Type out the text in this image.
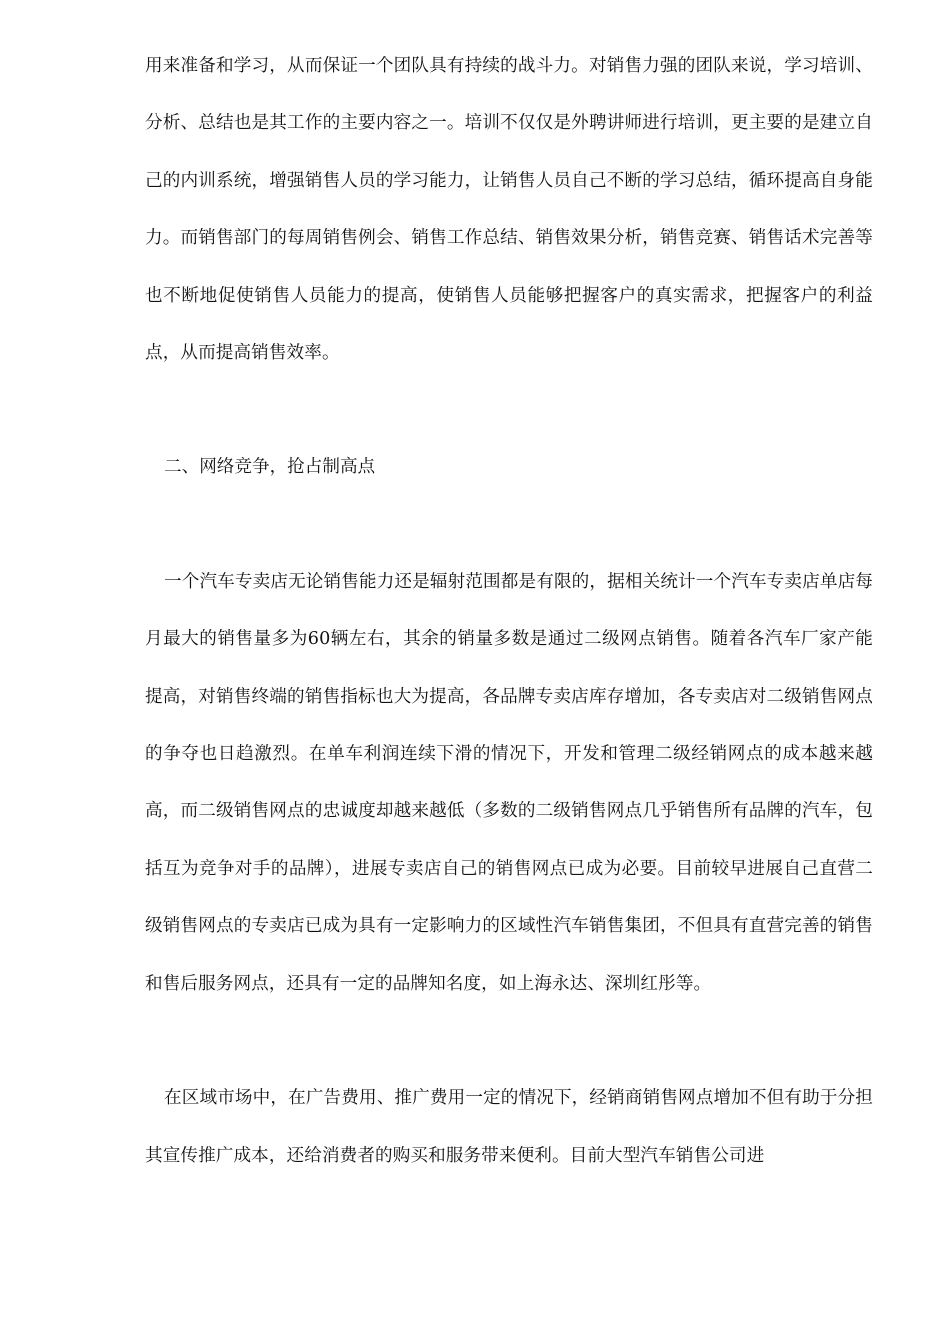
用来准备和学习，从而保证一个团队具有持续的战斗力。对销售力强的团队来说，学习培训、分析、总结也是其工作的主要内容之一。培训不仅仅是外聘讲师进行培训，更主要的是建立自己的内训系统，增强销售人员的学习能力，让销售人员自己不断的学习总结，循环提高自身能力。而销售部门的每周销售例会、销售工作总结、销售效果分析，销售竞赛、销售话术完善等也不断地促使销售人员能力的提高，使销售人员能够把握客户的真实需求，把握客户的利益点，从而提高销售效率。

二、网络竞争，抢占制高点

一个汽车专卖店无论销售能力还是辐射范围都是有限的，据相关统计一个汽车专卖店单店每月最大的销售量多为60辆左右，其余的销量多数是通过二级网点销售。随着各汽车厂家产能提高，对销售终端的销售指标也大为提高，各品牌专卖店库存增加，各专卖店对二级销售网点的争夺也日趋激烈。在单车利润连续下滑的情况下，开发和管理二级经销网点的成本越来越高，而二级销售网点的忠诚度却越来越低（多数的二级销售网点几乎销售所有品牌的汽车，包括互为竞争对手的品牌），进展专卖店自己的销售网点已成为必要。目前较早进展自己直营二级销售网点的专卖店已成为具有一定影响力的区域性汽车销售集团，不但具有直营完善的销售和售后服务网点，还具有一定的品牌知名度，如上海永达、深圳红彤等。

在区域市场中，在广告费用、推广费用一定的情况下，经销商销售网点增加不但有助于分担其宣传推广成本，还给消费者的购买和服务带来便利。目前大型汽车销售公司进
